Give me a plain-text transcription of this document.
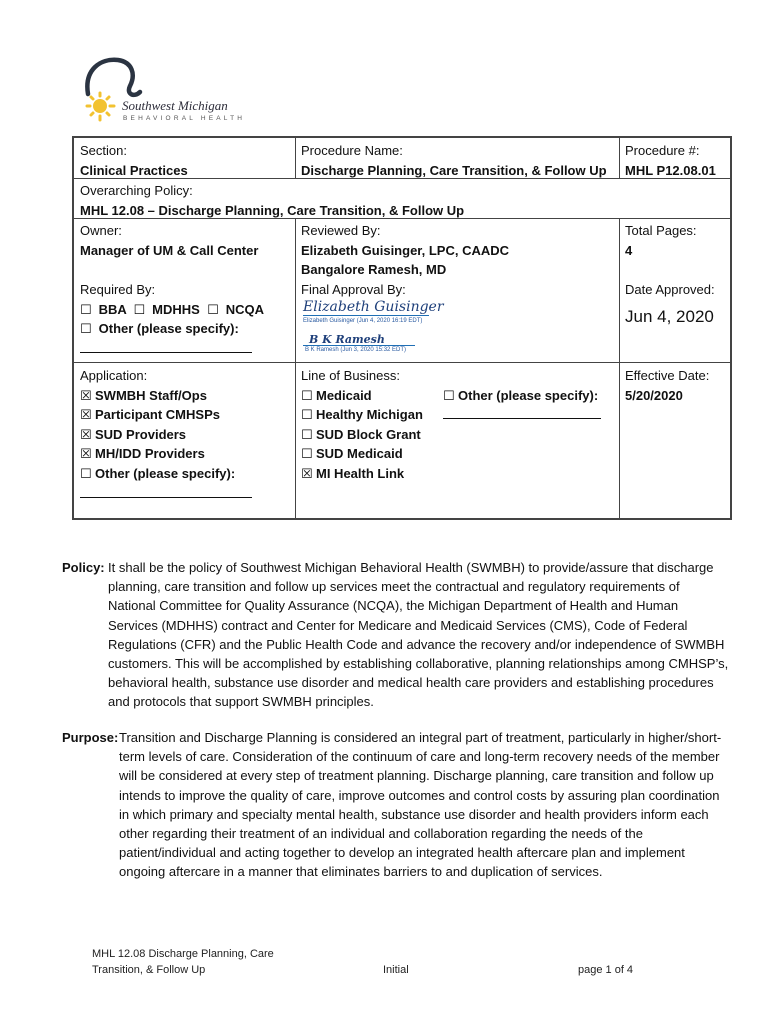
Southwest Michigan
BEHAVIORAL HEALTH
Section:
Clinical Practices
Procedure Name:
Discharge Planning, Care Transition, & Follow Up
Procedure #:
MHL P12.08.01
Overarching Policy:
MHL 12.08 – Discharge Planning, Care Transition, & Follow Up
Owner:
Manager of UM & Call Center
Required By:
☐ BBA ☐ MDHHS ☐ NCQA
☐ Other (please specify):
Reviewed By:
Elizabeth Guisinger, LPC, CAADC
Bangalore Ramesh, MD
Final Approval By:
Elizabeth Guisinger
Elizabeth Guisinger (Jun 4, 2020 16:19 EDT)
B K Ramesh
B K Ramesh (Jun 3, 2020 15:32 EDT)
Total Pages:
4
Date Approved:
Jun 4, 2020
Application:
☒ SWMBH Staff/Ops
☒ Participant CMHSPs
☒ SUD Providers
☒ MH/IDD Providers
☐ Other (please specify):
Line of Business:
☐ Medicaid
☐ Healthy Michigan
☐ SUD Block Grant
☐ SUD Medicaid
☒ MI Health Link
☐ Other (please specify):
Effective Date:
5/20/2020
Policy: It shall be the policy of Southwest Michigan Behavioral Health (SWMBH) to provide/assure that discharge planning, care transition and follow up services meet the contractual and regulatory requirements of National Committee for Quality Assurance (NCQA), the Michigan Department of Health and Human Services (MDHHS) contract and Center for Medicare and Medicaid Services (CMS), Code of Federal Regulations (CFR) and the Public Health Code and advance the recovery and/or independence of SWMBH customers. This will be accomplished by establishing collaborative, planning relationships among CMHSP’s, behavioral health, substance use disorder and medical health care providers and establishing procedures and protocols that support SWMBH principles.
Purpose: Transition and Discharge Planning is considered an integral part of treatment, particularly in higher/short-term levels of care. Consideration of the continuum of care and long-term recovery needs of the member will be considered at every step of treatment planning. Discharge planning, care transition and follow up intends to improve the quality of care, improve outcomes and control costs by assuring plan coordination in which primary and specialty mental health, substance use disorder and health providers inform each other regarding their treatment of an individual and collaboration regarding the needs of the patient/individual and acting together to develop an integrated health aftercare plan and implement ongoing aftercare in a manner that eliminates barriers to and duplication of services.
MHL 12.08 Discharge Planning, Care
Transition, & Follow Up	Initial	page 1 of 4
